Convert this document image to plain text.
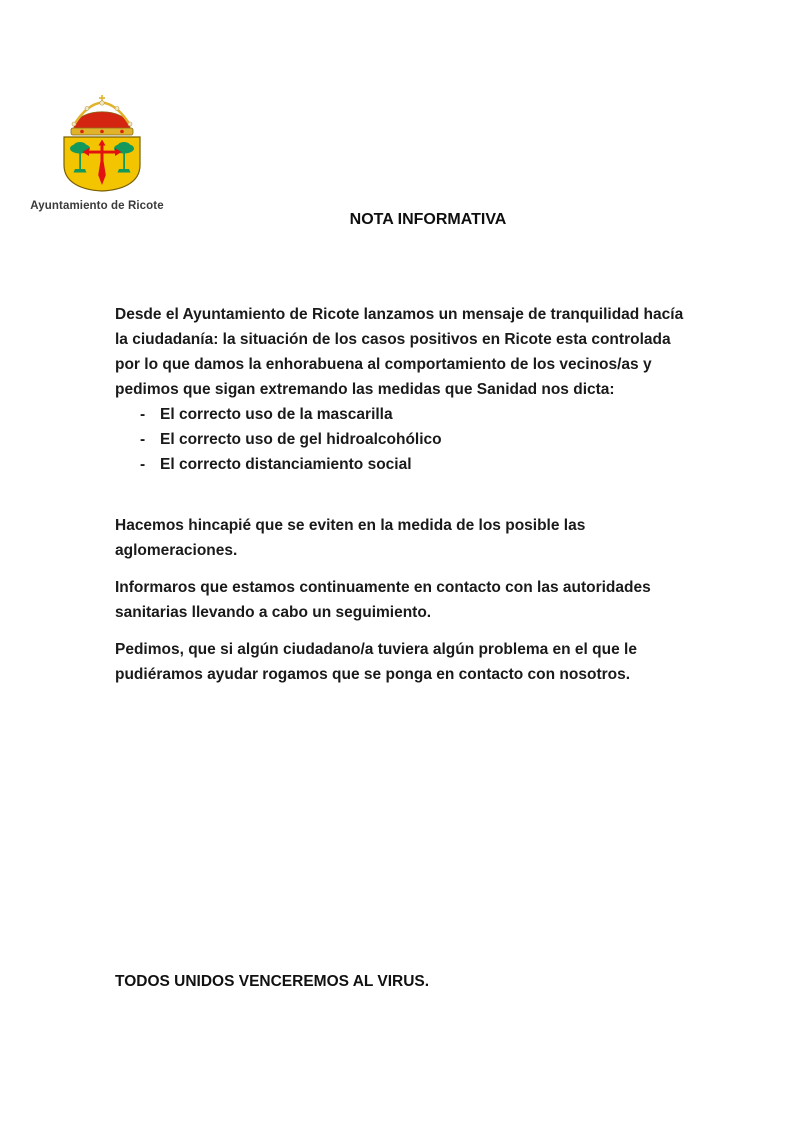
Ayuntamiento de Ricote
NOTA INFORMATIVA

Desde el Ayuntamiento de Ricote lanzamos un mensaje de tranquilidad hacía la ciudadanía: la situación de los casos positivos en Ricote esta controlada por lo que damos la enhorabuena al comportamiento de los vecinos/as y pedimos que sigan extremando las medidas que Sanidad nos dicta:

- El correcto uso de la mascarilla
- El correcto uso de gel hidroalcohólico
- El correcto distanciamiento social

Hacemos hincapié que se eviten en la medida de los posible las aglomeraciones.

Informaros que estamos continuamente en contacto con las autoridades sanitarias llevando a cabo un seguimiento.

Pedimos, que si algún ciudadano/a tuviera algún problema en el que le pudiéramos ayudar rogamos que se ponga en contacto con nosotros.

TODOS UNIDOS VENCEREMOS AL VIRUS.
